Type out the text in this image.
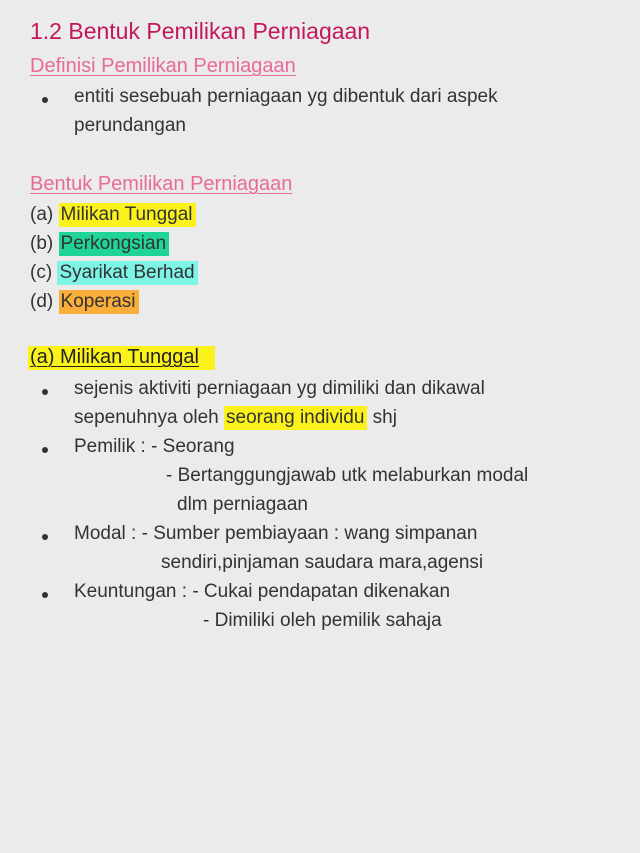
1.2 Bentuk Pemilikan Perniagaan
Definisi Pemilikan Perniagaan
entiti sesebuah perniagaan yg dibentuk dari aspek
perundangan
Bentuk Pemilikan Perniagaan
(a) Milikan Tunggal
(b) Perkongsian
(c) Syarikat Berhad
(d) Koperasi
(a) Milikan Tunggal
sejenis aktiviti perniagaan yg dimiliki dan dikawal
sepenuhnya oleh seorang individu shj
Pemilik : - Seorang
- Bertanggungjawab utk melaburkan modal
dlm perniagaan
Modal : - Sumber pembiayaan : wang simpanan
sendiri,pinjaman saudara mara,agensi
Keuntungan : - Cukai pendapatan dikenakan
- Dimiliki oleh pemilik sahaja
